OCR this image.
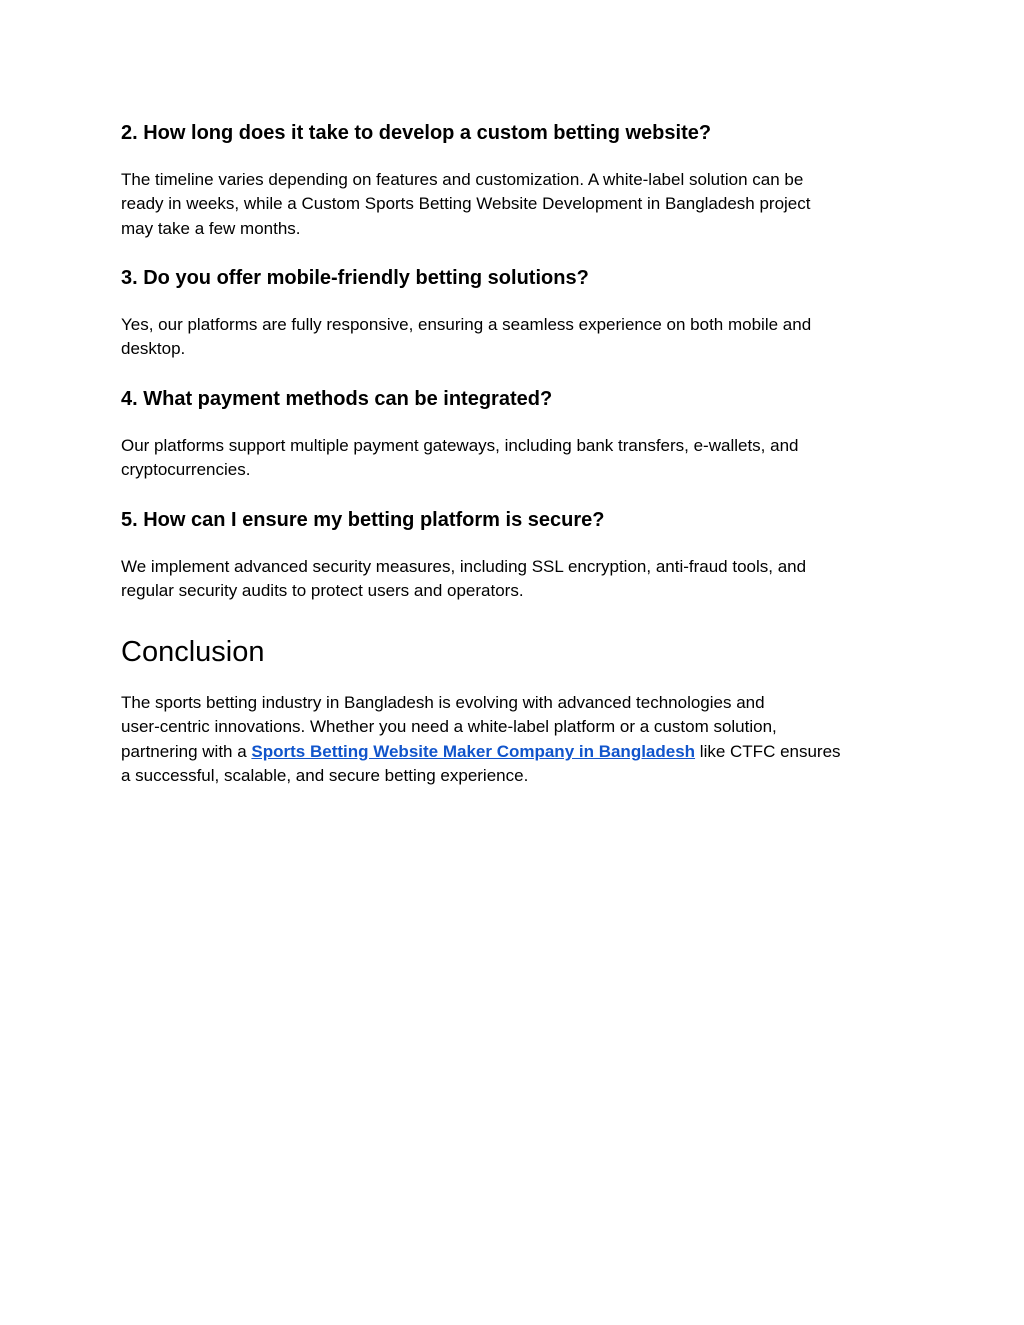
2. How long does it take to develop a custom betting website?

The timeline varies depending on features and customization. A white-label solution can be
ready in weeks, while a Custom Sports Betting Website Development in Bangladesh project
may take a few months.

3. Do you offer mobile-friendly betting solutions?

Yes, our platforms are fully responsive, ensuring a seamless experience on both mobile and
desktop.

4. What payment methods can be integrated?

Our platforms support multiple payment gateways, including bank transfers, e-wallets, and
cryptocurrencies.

5. How can I ensure my betting platform is secure?

We implement advanced security measures, including SSL encryption, anti-fraud tools, and
regular security audits to protect users and operators.

Conclusion

The sports betting industry in Bangladesh is evolving with advanced technologies and
user-centric innovations. Whether you need a white-label platform or a custom solution,
partnering with a Sports Betting Website Maker Company in Bangladesh like CTFC ensures
a successful, scalable, and secure betting experience.
